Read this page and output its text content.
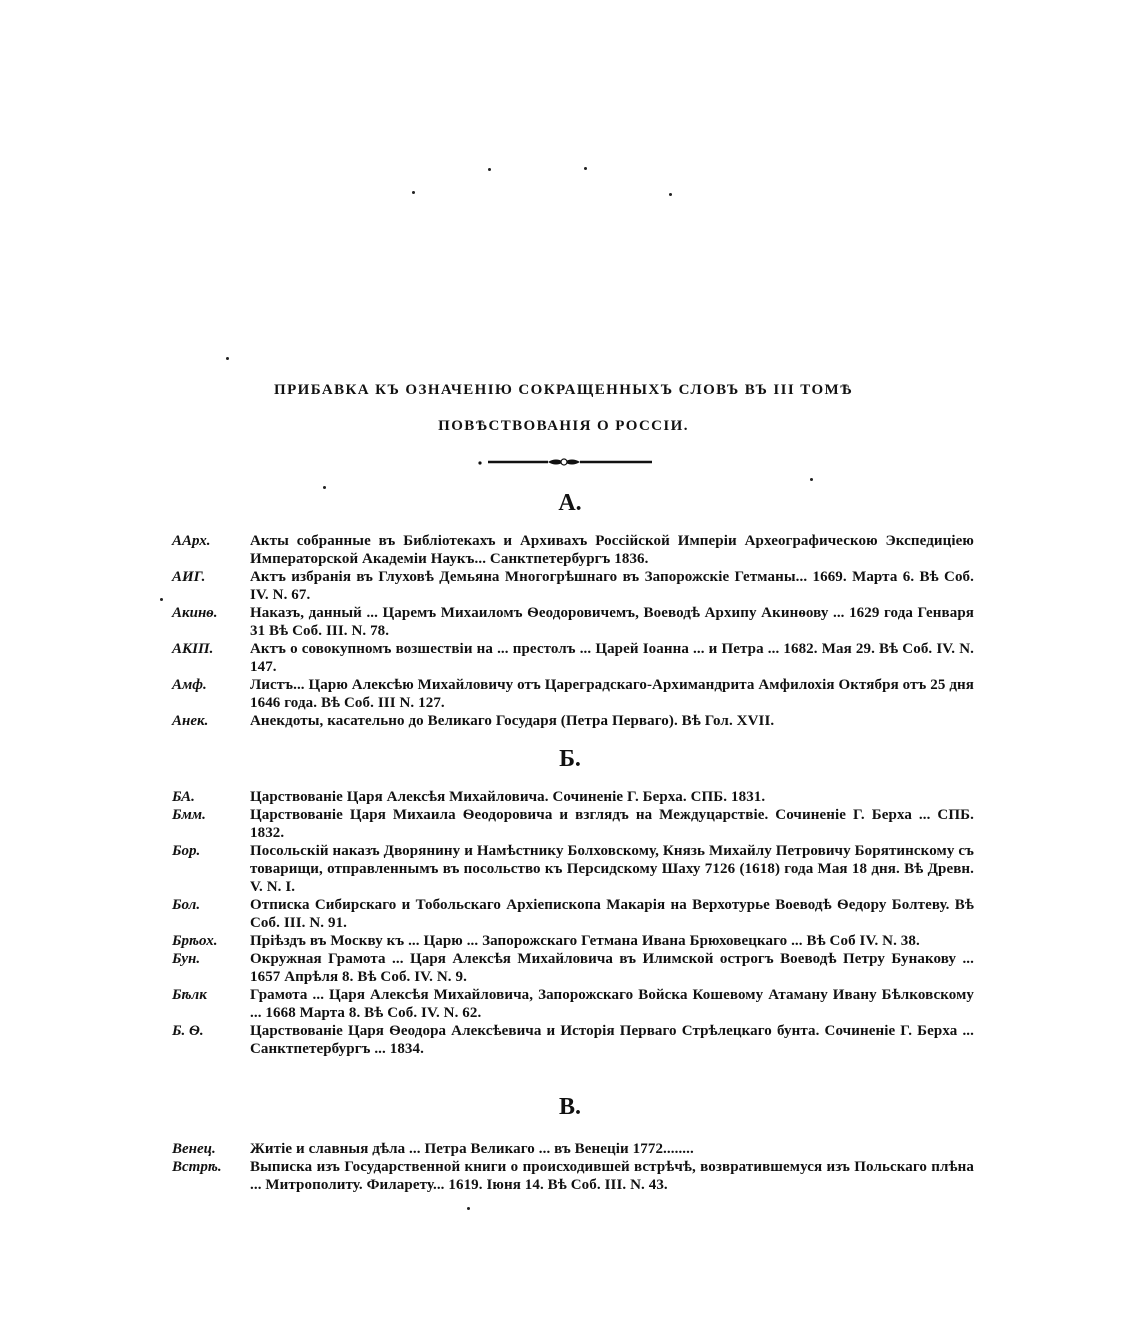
ПРИБАВКА КЪ ОЗНАЧЕНІЮ СОКРАЩЕННЫХЪ СЛОВЪ ВЪ III ТОМѢ
ПОВѢСТВОВАНІЯ О РОССІИ.
А.
ААрх.	Акты собранные въ Библіотекахъ и Архивахъ Россійской Имперіи Археографическою Экспедиціею Императорской Академіи Наукъ... Санктпетербургъ 1836.
АИГ.	Актъ избранія въ Глуховѣ Демьяна Многогрѣшнаго въ Запорожскіе Гетманы... 1669. Марта 6. Вѣ Соб. IV. N. 67.
Акинѳ.	Наказъ, данный ... Царемъ Михаиломъ Ѳеодоровичемъ, Воеводѣ Архипу Акинѳову ... 1629 года Генваря 31 Вѣ Соб. III. N. 78.
АКІП.	Актъ о совокупномъ возшествіи на ... престолъ ... Царей Іоанна ... и Петра ... 1682. Мая 29. Вѣ Соб. IV. N. 147.
Амф.	Листъ... Царю Алексѣю Михайловичу отъ Цареградскаго-Архимандрита Амфилохія Октября отъ 25 дня 1646 года. Вѣ Соб. III N. 127.
Анек.	Анекдоты, касательно до Великаго Государя (Петра Перваго). Вѣ Гол. XVII.
Б.
БА.	Царствованіе Царя Алексѣя Михайловича. Сочиненіе Г. Берха. СПБ. 1831.
Бмм.	Царствованіе Царя Михаила Ѳеодоровича и взглядъ на Междуцарствіе. Сочиненіе Г. Берха ... СПБ. 1832.
Бор.	Посольскій наказъ Дворянину и Намѣстнику Болховскому, Князь Михайлу Петровичу Борятинскому съ товарищи, отправленнымъ въ посольство къ Персидскому Шаху 7126 (1618) года Мая 18 дня. Вѣ Древн. V. N. I.
Бол.	Отписка Сибирскаго и Тобольскаго Архіепископа Макарія на Верхотурье Воеводѣ Ѳедору Болтеву. Вѣ Соб. III. N. 91.
Брѣох.	Пріѣздъ въ Москву къ ... Царю ... Запорожскаго Гетмана Ивана Брюховецкаго ... Вѣ Соб IV. N. 38.
Бун.	Окружная Грамота ... Царя Алексѣя Михайловича въ Илимской острогъ Воеводѣ Петру Бунакову ... 1657 Апрѣля 8. Вѣ Соб. IV. N. 9.
Бѣлк	Грамота ... Царя Алексѣя Михайловича, Запорожскаго Войска Кошевому Атаману Ивану Бѣлковскому ... 1668 Марта 8. Вѣ Соб. IV. N. 62.
Б. Ѳ.	Царствованіе Царя Ѳеодора Алексѣевича и Исторія Перваго Стрѣлецкаго бунта. Сочиненіе Г. Берха ... Санктпетербургъ ... 1834.
В.
Венец.	Житіе и славныя дѣла ... Петра Великаго ... въ Венеціи 1772........
Встрѣ.	Выписка изъ Государственной книги о происходившей встрѣчѣ, возвратившемуся изъ Польскаго плѣна ... Митрополиту. Филарету... 1619. Іюня 14. Вѣ Соб. III. N. 43.
